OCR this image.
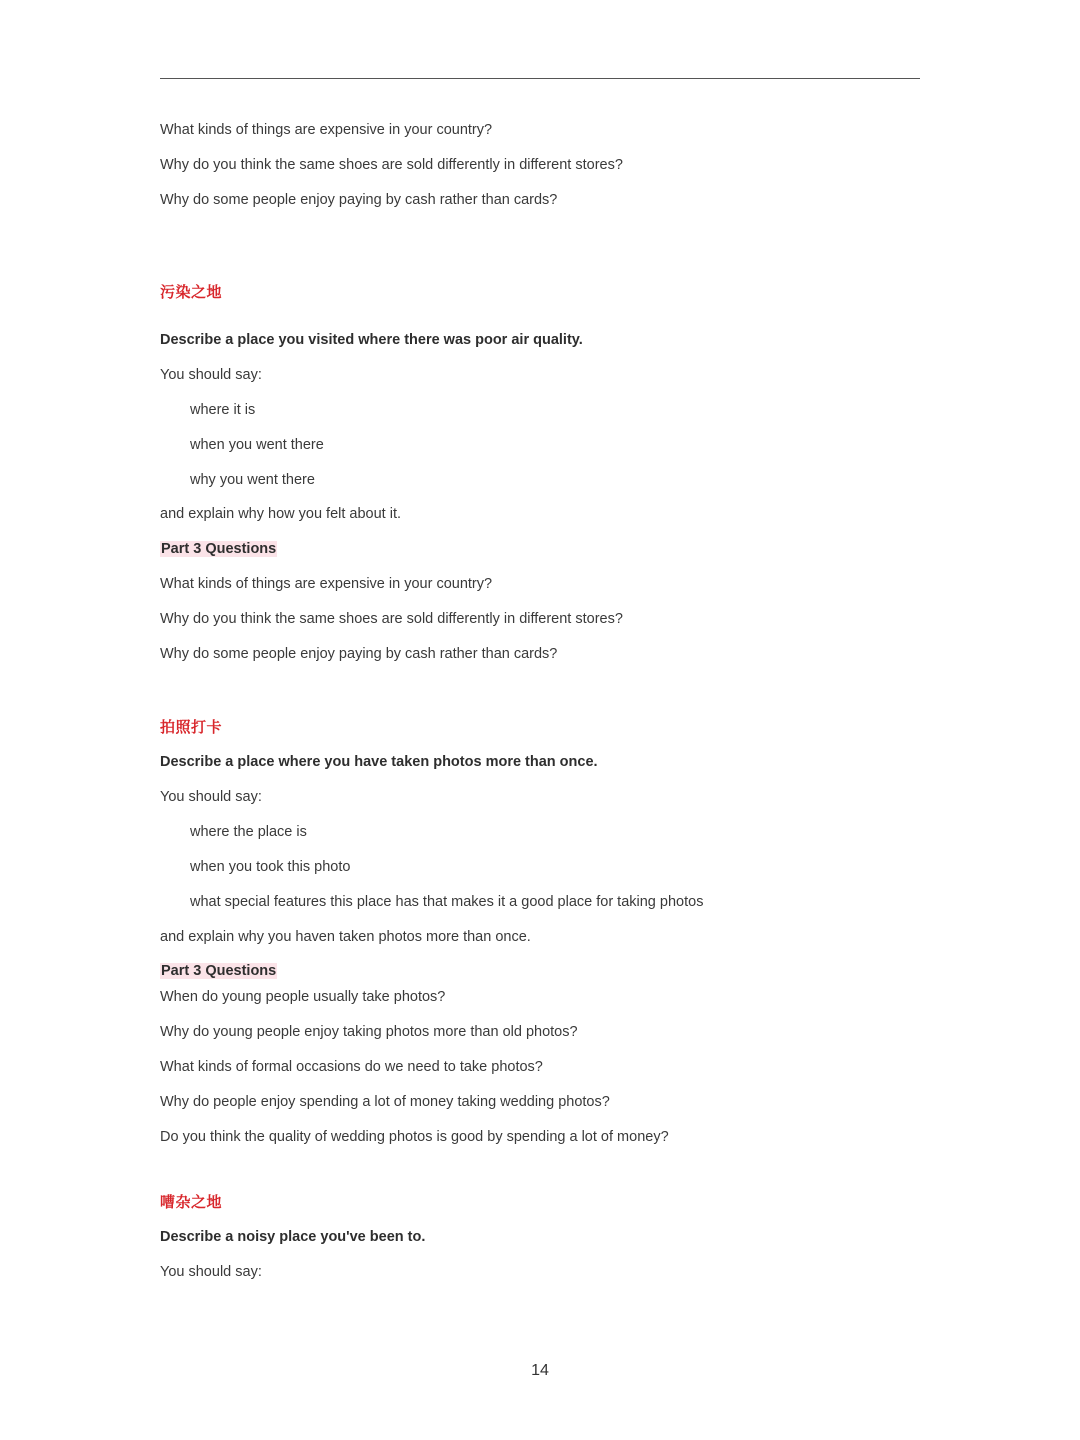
What kinds of things are expensive in your country?
Why do you think the same shoes are sold differently in different stores?
Why do some people enjoy paying by cash rather than cards?
污染之地
Describe a place you visited where there was poor air quality.
You should say:
where it is
when you went there
why you went there
and explain why how you felt about it.
Part 3 Questions
What kinds of things are expensive in your country?
Why do you think the same shoes are sold differently in different stores?
Why do some people enjoy paying by cash rather than cards?
拍照打卡
Describe a place where you have taken photos more than once.
You should say:
where the place is
when you took this photo
what special features this place has that makes it a good place for taking photos
and explain why you haven taken photos more than once.
Part 3 Questions
When do young people usually take photos?
Why do young people enjoy taking photos more than old photos?
What kinds of formal occasions do we need to take photos?
Why do people enjoy spending a lot of money taking wedding photos?
Do you think the quality of wedding photos is good by spending a lot of money?
嘈杂之地
Describe a noisy place you've been to.
You should say:
14
